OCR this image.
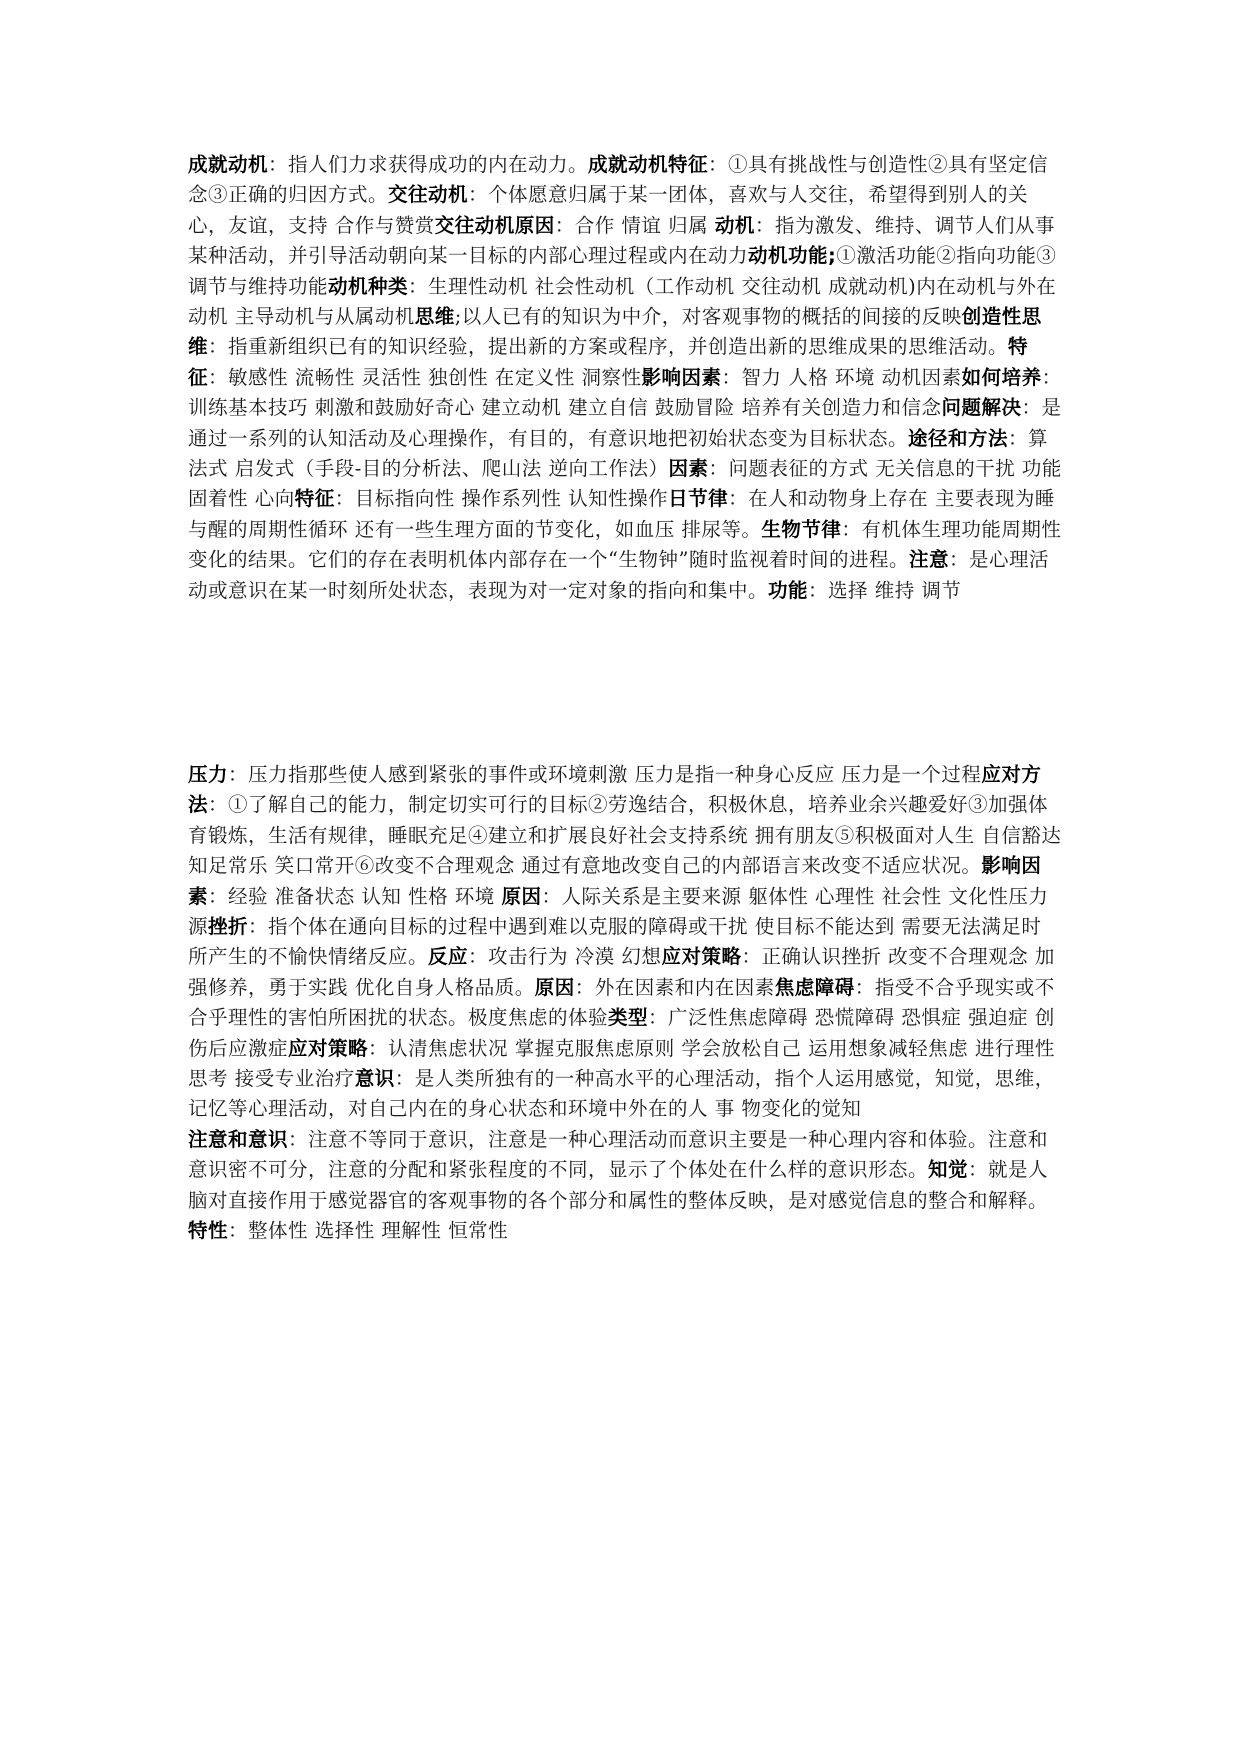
成就动机：指人们力求获得成功的内在动力。成就动机特征：①具有挑战性与创造性②具有坚定信念③正确的归因方式。交往动机：个体愿意归属于某一团体，喜欢与人交往，希望得到别人的关心，友谊，支持 合作与赞赏交往动机原因：合作 情谊 归属 动机：指为激发、维持、调节人们从事某种活动，并引导活动朝向某一目标的内部心理过程或内在动力动机功能;①激活功能②指向功能③调节与维持功能动机种类：生理性动机 社会性动机（工作动机 交往动机 成就动机)内在动机与外在动机 主导动机与从属动机思维;以人已有的知识为中介，对客观事物的概括的间接的反映创造性思维：指重新组织已有的知识经验，提出新的方案或程序，并创造出新的思维成果的思维活动。特征：敏感性 流畅性 灵活性 独创性 在定义性 洞察性影响因素：智力 人格 环境 动机因素如何培养：训练基本技巧 刺激和鼓励好奇心 建立动机 建立自信 鼓励冒险 培养有关创造力和信念问题解决：是通过一系列的认知活动及心理操作，有目的，有意识地把初始状态变为目标状态。途径和方法：算法式 启发式（手段-目的分析法、爬山法 逆向工作法）因素：问题表征的方式 无关信息的干扰 功能固着性 心向特征：目标指向性 操作系列性 认知性操作日节律：在人和动物身上存在 主要表现为睡与醒的周期性循环 还有一些生理方面的节变化，如血压 排尿等。生物节律：有机体生理功能周期性变化的结果。它们的存在表明机体内部存在一个“生物钟”随时监视着时间的进程。注意：是心理活动或意识在某一时刻所处状态，表现为对一定对象的指向和集中。功能：选择 维持 调节
压力：压力指那些使人感到紧张的事件或环境刺激 压力是指一种身心反应 压力是一个过程应对方法：①了解自己的能力，制定切实可行的目标②劳逸结合，积极休息，培养业余兴趣爱好③加强体育锻炼，生活有规律，睡眠充足④建立和扩展良好社会支持系统 拥有朋友⑤积极面对人生 自信豁达 知足常乐 笑口常开⑥改变不合理观念 通过有意地改变自己的内部语言来改变不适应状况。影响因素：经验 准备状态 认知 性格 环境 原因：人际关系是主要来源 躯体性 心理性 社会性 文化性压力源挫折：指个体在通向目标的过程中遇到难以克服的障碍或干扰 使目标不能达到 需要无法满足时 所产生的不愉快情绪反应。反应：攻击行为 冷漠 幻想应对策略：正确认识挫折 改变不合理观念 加强修养，勇于实践 优化自身人格品质。原因：外在因素和内在因素焦虑障碍：指受不合乎现实或不合乎理性的害怕所困扰的状态。极度焦虑的体验类型：广泛性焦虑障碍 恐慌障碍 恐惧症 强迫症 创伤后应激症应对策略：认清焦虑状况 掌握克服焦虑原则 学会放松自己 运用想象减轻焦虑 进行理性思考 接受专业治疗意识：是人类所独有的一种高水平的心理活动，指个人运用感觉，知觉，思维，记忆等心理活动，对自己内在的身心状态和环境中外在的人 事 物变化的觉知
注意和意识：注意不等同于意识，注意是一种心理活动而意识主要是一种心理内容和体验。注意和意识密不可分，注意的分配和紧张程度的不同，显示了个体处在什么样的意识形态。知觉：就是人脑对直接作用于感觉器官的客观事物的各个部分和属性的整体反映，是对感觉信息的整合和解释。特性：整体性 选择性 理解性 恒常性
